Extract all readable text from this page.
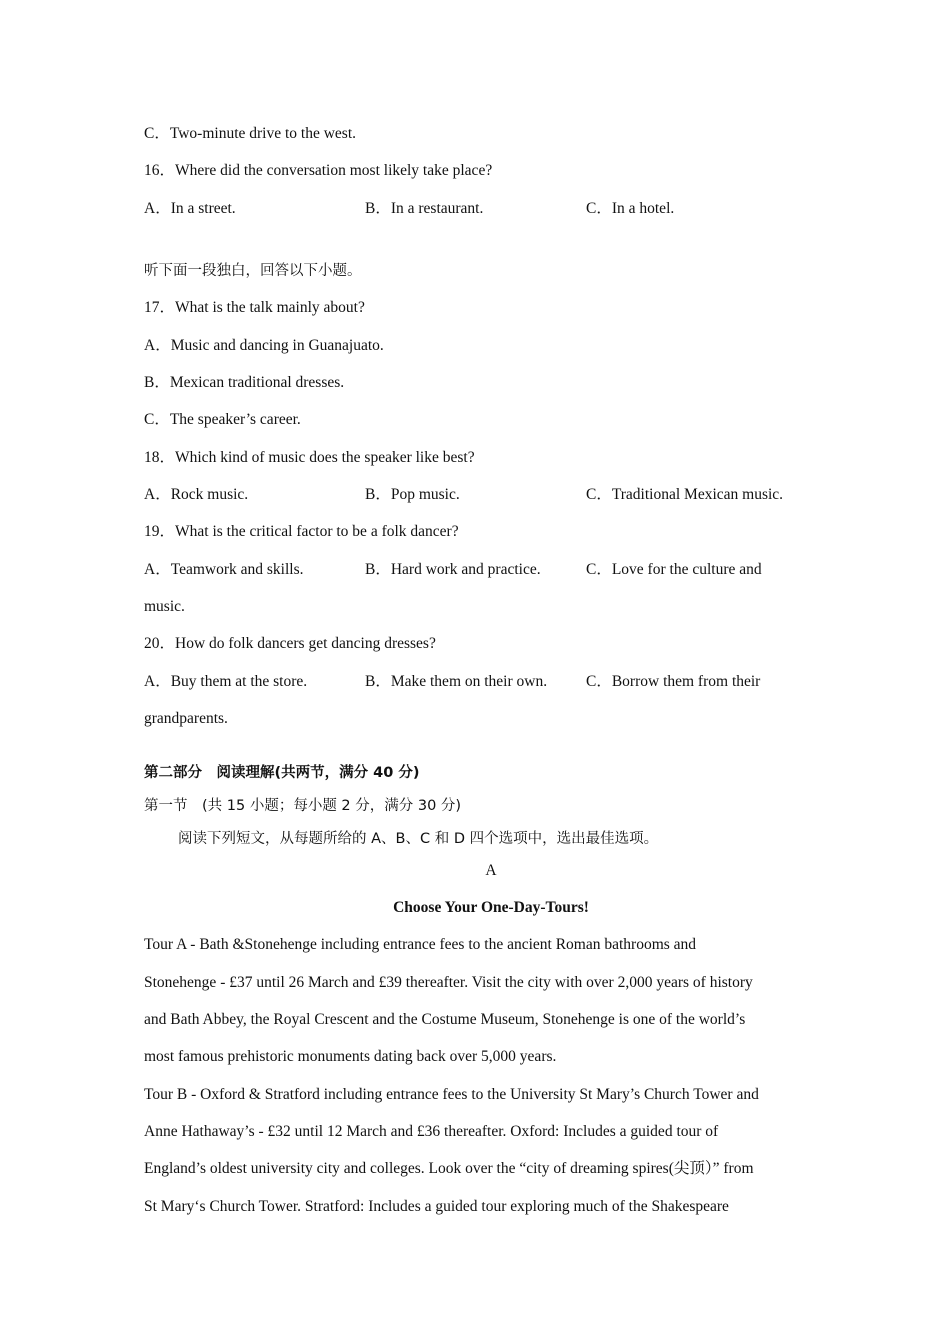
C．Two-minute drive to the west.
16．Where did the conversation most likely take place?
A．In a street.	B．In a restaurant.	C．In a hotel.
听下面一段独白，回答以下小题。
17．What is the talk mainly about?
A．Music and dancing in Guanajuato.
B．Mexican traditional dresses.
C．The speaker’s career.
18．Which kind of music does the speaker like best?
A．Rock music.	B．Pop music.	C．Traditional Mexican music.
19．What is the critical factor to be a folk dancer?
A．Teamwork and skills.	B．Hard work and practice.	C．Love for the culture and
music.
20．How do folk dancers get dancing dresses?
A．Buy them at the store.	B．Make them on their own.	C．Borrow them from their
grandparents.
第二部分　阅读理解(共两节，满分 40 分)
第一节　(共 15 小题；每小题 2 分，满分 30 分)
阅读下列短文，从每题所给的 A、B、C 和 D 四个选项中，选出最佳选项。
A
Choose Your One-Day-Tours!
Tour A - Bath &Stonehenge including entrance fees to the ancient Roman bathrooms and
Stonehenge - £37 until 26 March and £39 thereafter. Visit the city with over 2,000 years of history
and Bath Abbey, the Royal Crescent and the Costume Museum, Stonehenge is one of the world’s
most famous prehistoric monuments dating back over 5,000 years.
Tour B - Oxford & Stratford including entrance fees to the University St Mary’s Church Tower and
Anne Hathaway’s - £32 until 12 March and £36 thereafter. Oxford: Includes a guided tour of
England’s oldest university city and colleges. Look over the “city of dreaming spires(尖顶）” from
St Mary‘s Church Tower. Stratford: Includes a guided tour exploring much of the Shakespeare
